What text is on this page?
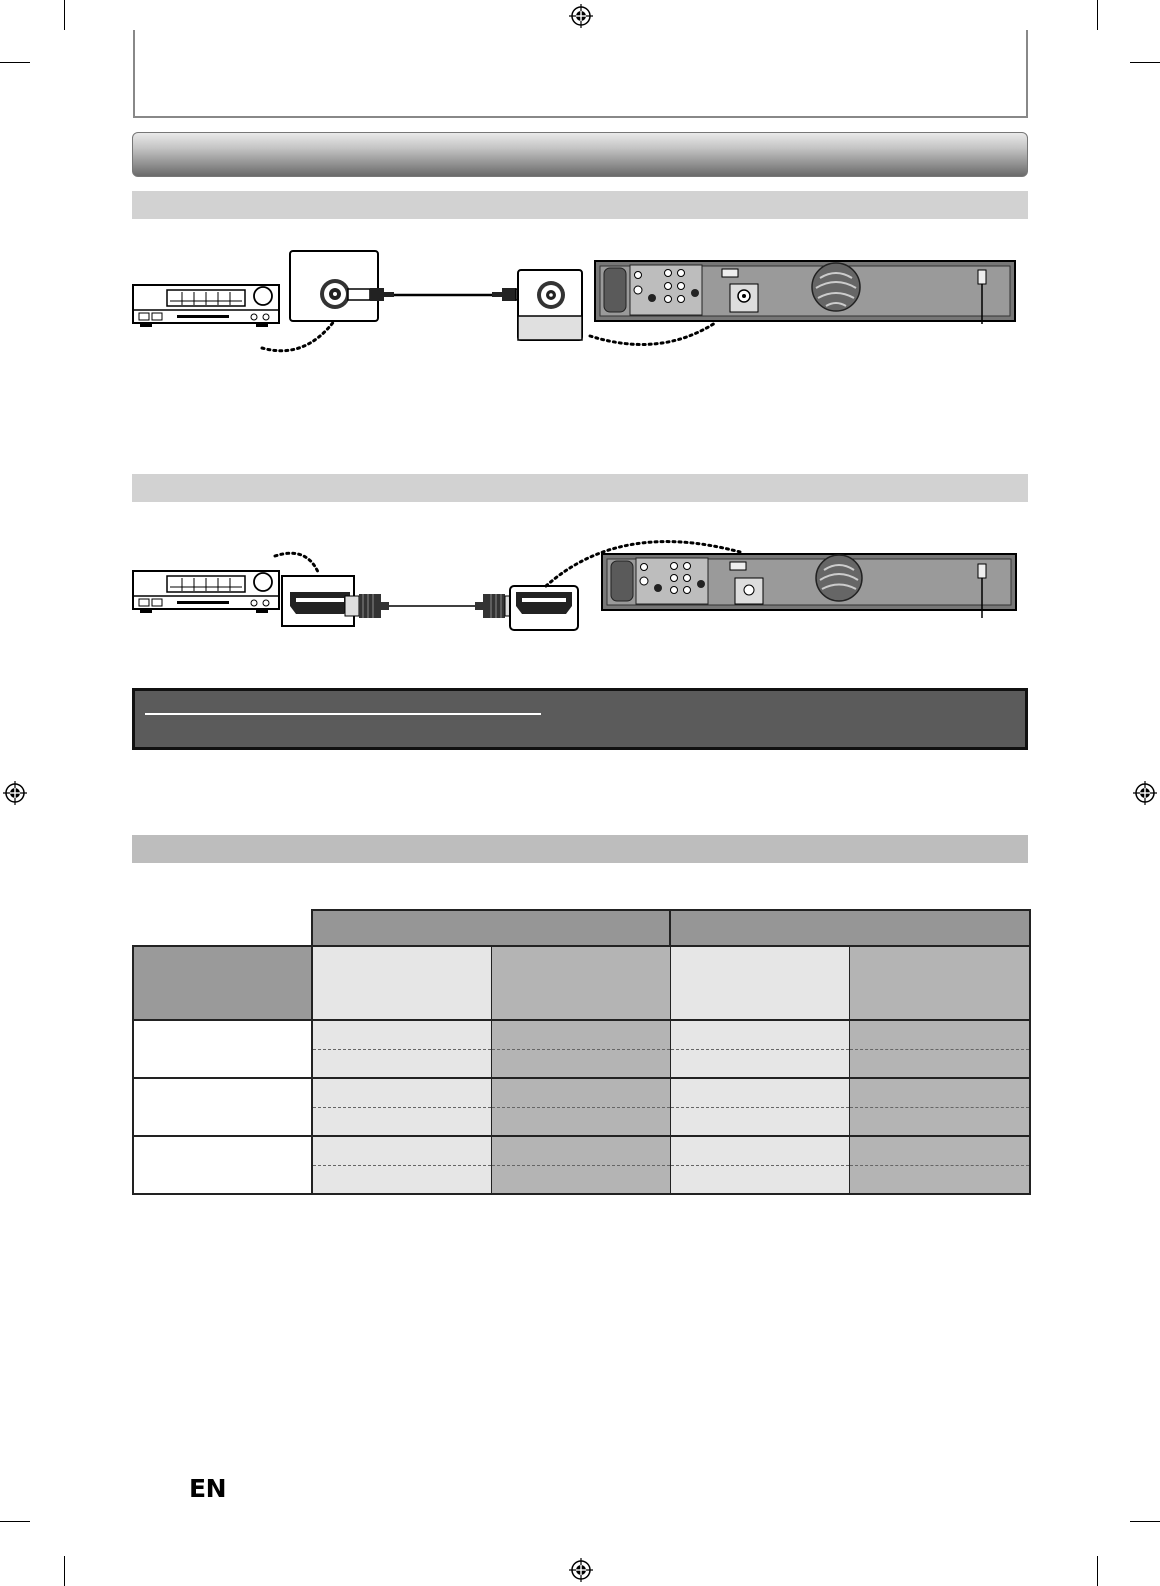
EN
